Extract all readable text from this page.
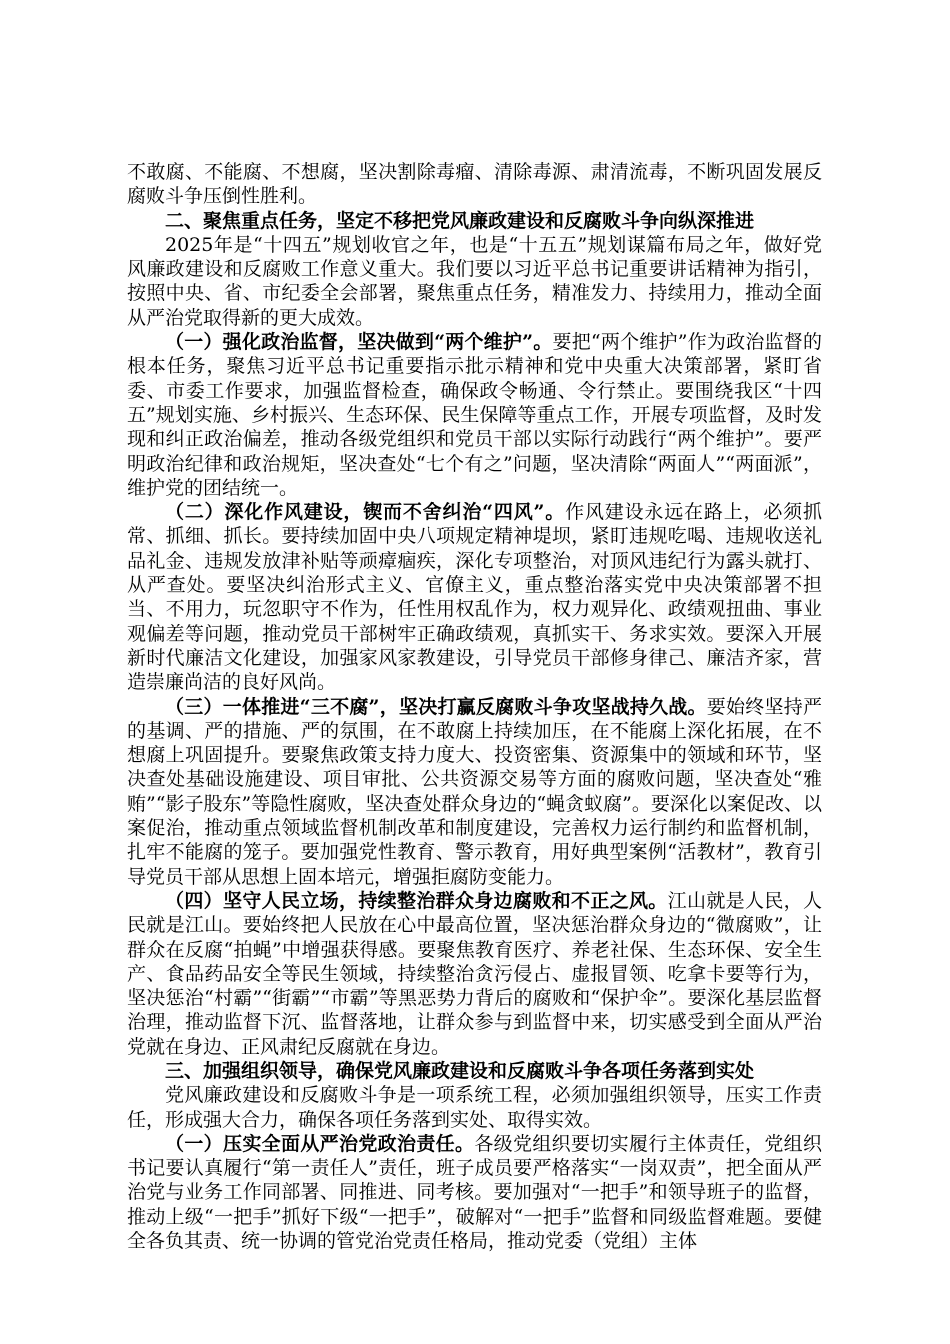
不敢腐、不能腐、不想腐，坚决割除毒瘤、清除毒源、肃清流毒，不断巩固发展反腐败斗争压倒性胜利。

二、聚焦重点任务，坚定不移把党风廉政建设和反腐败斗争向纵深推进

2025年是“十四五”规划收官之年，也是“十五五”规划谋篇布局之年，做好党风廉政建设和反腐败工作意义重大。我们要以习近平总书记重要讲话精神为指引，按照中央、省、市纪委全会部署，聚焦重点任务，精准发力、持续用力，推动全面从严治党取得新的更大成效。

（一）强化政治监督，坚决做到“两个维护”。要把“两个维护”作为政治监督的根本任务，聚焦习近平总书记重要指示批示精神和党中央重大决策部署，紧盯省委、市委工作要求，加强监督检查，确保政令畅通、令行禁止。要围绕我区“十四五”规划实施、乡村振兴、生态环保、民生保障等重点工作，开展专项监督，及时发现和纠正政治偏差，推动各级党组织和党员干部以实际行动践行“两个维护”。要严明政治纪律和政治规矩，坚决查处“七个有之”问题，坚决清除“两面人”“两面派”，维护党的团结统一。

（二）深化作风建设，锲而不舍纠治“四风”。作风建设永远在路上，必须抓常、抓细、抓长。要持续加固中央八项规定精神堤坝，紧盯违规吃喝、违规收送礼品礼金、违规发放津补贴等顽瘴痼疾，深化专项整治，对顶风违纪行为露头就打、从严查处。要坚决纠治形式主义、官僚主义，重点整治落实党中央决策部署不担当、不用力，玩忽职守不作为，任性用权乱作为，权力观异化、政绩观扭曲、事业观偏差等问题，推动党员干部树牢正确政绩观，真抓实干、务求实效。要深入开展新时代廉洁文化建设，加强家风家教建设，引导党员干部修身律己、廉洁齐家，营造崇廉尚洁的良好风尚。

（三）一体推进“三不腐”，坚决打赢反腐败斗争攻坚战持久战。要始终坚持严的基调、严的措施、严的氛围，在不敢腐上持续加压，在不能腐上深化拓展，在不想腐上巩固提升。要聚焦政策支持力度大、投资密集、资源集中的领域和环节，坚决查处基础设施建设、项目审批、公共资源交易等方面的腐败问题，坚决查处“雅贿”“影子股东”等隐性腐败，坚决查处群众身边的“蝇贪蚁腐”。要深化以案促改、以案促治，推动重点领域监督机制改革和制度建设，完善权力运行制约和监督机制，扎牢不能腐的笼子。要加强党性教育、警示教育，用好典型案例“活教材”，教育引导党员干部从思想上固本培元，增强拒腐防变能力。

（四）坚守人民立场，持续整治群众身边腐败和不正之风。江山就是人民，人民就是江山。要始终把人民放在心中最高位置，坚决惩治群众身边的“微腐败”，让群众在反腐“拍蝇”中增强获得感。要聚焦教育医疗、养老社保、生态环保、安全生产、食品药品安全等民生领域，持续整治贪污侵占、虚报冒领、吃拿卡要等行为，坚决惩治“村霸”“街霸”“市霸”等黑恶势力背后的腐败和“保护伞”。要深化基层监督治理，推动监督下沉、监督落地，让群众参与到监督中来，切实感受到全面从严治党就在身边、正风肃纪反腐就在身边。

三、加强组织领导，确保党风廉政建设和反腐败斗争各项任务落到实处

党风廉政建设和反腐败斗争是一项系统工程，必须加强组织领导，压实工作责任，形成强大合力，确保各项任务落到实处、取得实效。

（一）压实全面从严治党政治责任。各级党组织要切实履行主体责任，党组织书记要认真履行“第一责任人”责任，班子成员要严格落实“一岗双责”，把全面从严治党与业务工作同部署、同推进、同考核。要加强对“一把手”和领导班子的监督，推动上级“一把手”抓好下级“一把手”，破解对“一把手”监督和同级监督难题。要健全各负其责、统一协调的管党治党责任格局，推动党委（党组）主体
